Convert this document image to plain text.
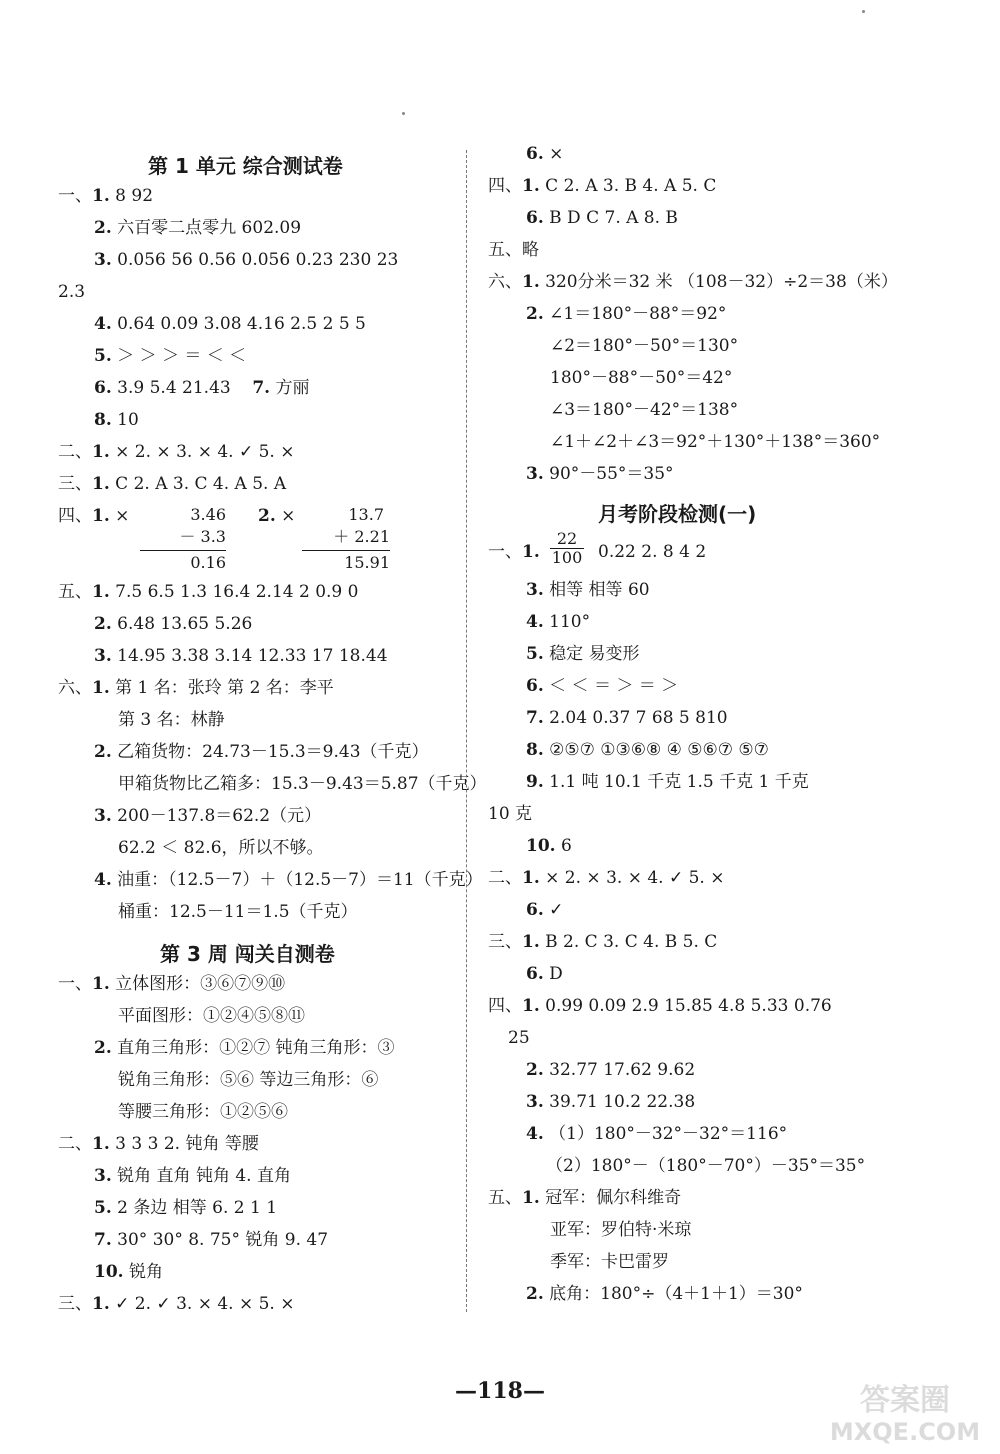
第 1 单元 综合测试卷
一、1. 8 92
2. 六百零二点零九 602.09
3. 0.056 56 0.56 0.056 0.23 230 23
2.3
4. 0.64 0.09 3.08 4.16 2.5 2 5 5
5. ＞ ＞ ＞ ＝ ＜ ＜
6. 3.9 5.4 21.43 7. 方丽
8. 10
二、1. × 2. × 3. × 4. ✓ 5. ×
三、1. C 2. A 3. C 4. A 5. A
四、1. ×	3.46
－ 3.3
0.16
2. ×	13.7
＋ 2.21
15.91
五、1. 7.5 6.5 1.3 16.4 2.14 2 0.9 0
2. 6.48 13.65 5.26
3. 14.95 3.38 3.14 12.33 17 18.44
六、1. 第 1 名：张玲 第 2 名：李平
第 3 名：林静
2. 乙箱货物：24.73－15.3＝9.43（千克）
甲箱货物比乙箱多：15.3－9.43＝5.87（千克）
3. 200－137.8＝62.2（元）
62.2 ＜ 82.6，所以不够。
4. 油重：（12.5－7）＋（12.5－7）＝11（千克）
桶重：12.5－11＝1.5（千克）
第 3 周 闯关自测卷
一、1. 立体图形：③⑥⑦⑨⑩
平面图形：①②④⑤⑧⑪
2. 直角三角形：①②⑦ 钝角三角形：③
锐角三角形：⑤⑥ 等边三角形：⑥
等腰三角形：①②⑤⑥
二、1. 3 3 3 2. 钝角 等腰
3. 锐角 直角 钝角 4. 直角
5. 2 条边 相等 6. 2 1 1
7. 30° 30° 8. 75° 锐角 9. 47
10. 锐角
三、1. ✓ 2. ✓ 3. × 4. × 5. ×
6. ×
四、1. C 2. A 3. B 4. A 5. C
6. B D C 7. A 8. B
五、略
六、1. 320分米＝32 米 （108－32）÷2＝38（米）
2. ∠1＝180°－88°＝92°
∠2＝180°－50°＝130°
180°－88°－50°＝42°
∠3＝180°－42°＝138°
∠1＋∠2＋∠3＝92°＋130°＋138°＝360°
3. 90°－55°＝35°
月考阶段检测(一)
一、1. $\frac{22}{100} 0.22$ 2. 8 4 2
3. 相等 相等 60
4. 110°
5. 稳定 易变形
6. ＜ ＜ ＝ ＞ ＝ ＞
7. 2.04 0.37 7 68 5 810
8. ②⑤⑦ ①③⑥⑧ ④ ⑤⑥⑦ ⑤⑦
9. 1.1 吨 10.1 千克 1.5 千克 1 千克
10 克
10. 6
二、1. × 2. × 3. × 4. ✓ 5. ×
6. ✓
三、1. B 2. C 3. C 4. B 5. C
6. D
四、1. 0.99 0.09 2.9 15.85 4.8 5.33 0.76
25
2. 32.77 17.62 9.62
3. 39.71 10.2 22.38
4. （1）180°－32°－32°＝116°
（2）180°－（180°－70°）－35°＝35°
五、1. 冠军：佩尔科维奇
亚军：罗伯特·米琼
季军：卡巴雷罗
2. 底角：180°÷（4＋1＋1）＝30°
—118—	答案圈
MXQE.COM
